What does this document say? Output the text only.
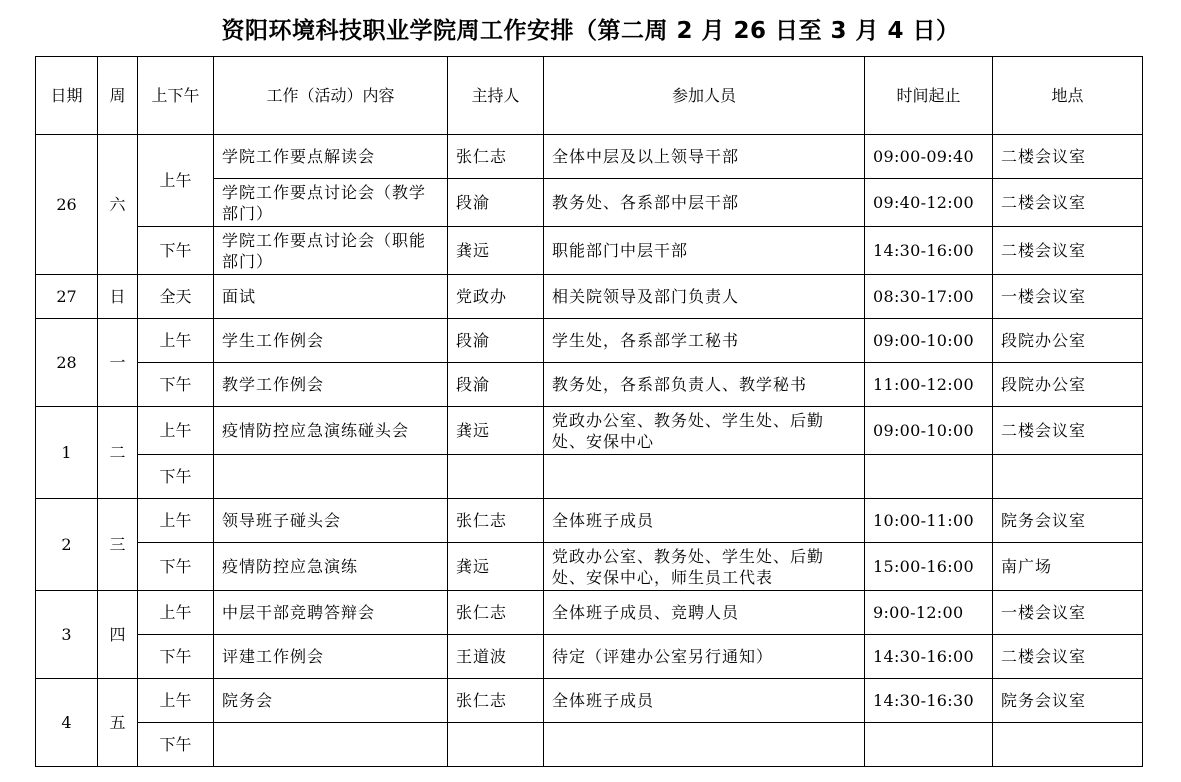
资阳环境科技职业学院周工作安排（第二周 2 月 26 日至 3 月 4 日）
日期	周	上下午	工作（活动）内容	主持人	参加人员	时间起止	地点
26	六	上午	学院工作要点解读会	张仁志	全体中层及以上领导干部	09:00-09:40	二楼会议室
			学院工作要点讨论会（教学部门）	段渝	教务处、各系部中层干部	09:40-12:00	二楼会议室
		下午	学院工作要点讨论会（职能部门）	龚远	职能部门中层干部	14:30-16:00	二楼会议室
27	日	全天	面试	党政办	相关院领导及部门负责人	08:30-17:00	一楼会议室
28	一	上午	学生工作例会	段渝	学生处，各系部学工秘书	09:00-10:00	段院办公室
		下午	教学工作例会	段渝	教务处，各系部负责人、教学秘书	11:00-12:00	段院办公室
1	二	上午	疫情防控应急演练碰头会	龚远	党政办公室、教务处、学生处、后勤处、安保中心	09:00-10:00	二楼会议室
		下午					
2	三	上午	领导班子碰头会	张仁志	全体班子成员	10:00-11:00	院务会议室
		下午	疫情防控应急演练	龚远	党政办公室、教务处、学生处、后勤处、安保中心，师生员工代表	15:00-16:00	南广场
3	四	上午	中层干部竞聘答辩会	张仁志	全体班子成员、竞聘人员	9:00-12:00	一楼会议室
		下午	评建工作例会	王道波	待定（评建办公室另行通知）	14:30-16:00	二楼会议室
4	五	上午	院务会	张仁志	全体班子成员	14:30-16:30	院务会议室
		下午					
